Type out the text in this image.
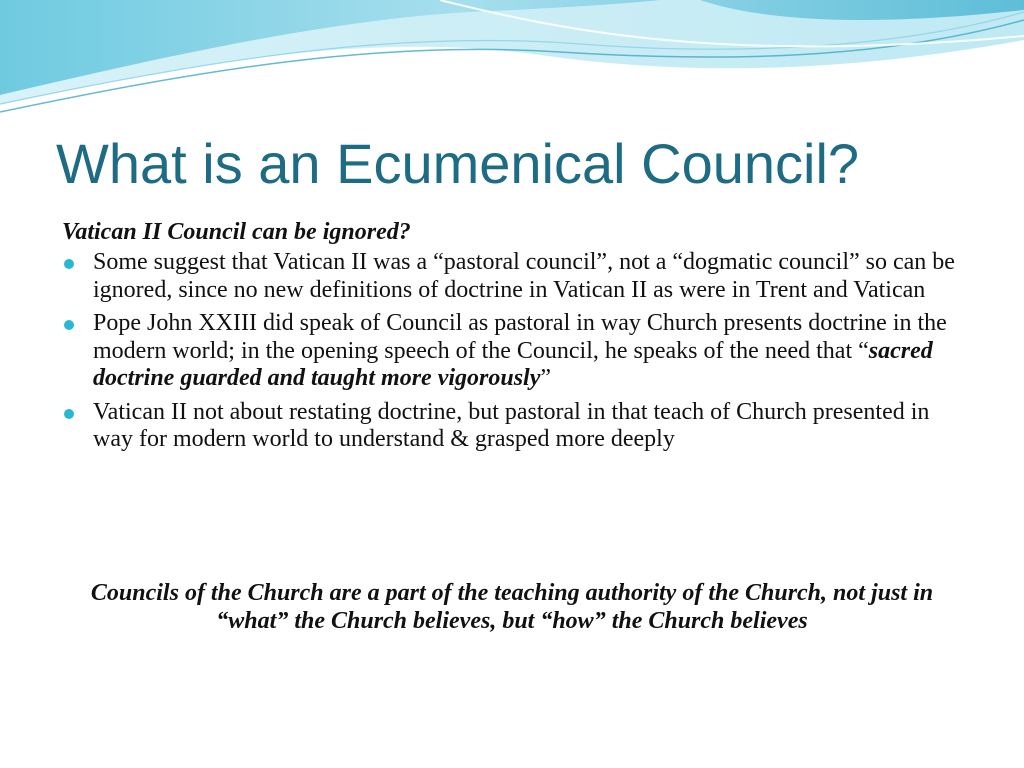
What is an Ecumenical Council?
Vatican II Council can be ignored?
Some suggest that Vatican II was a “pastoral council”, not a “dogmatic council” so can be ignored, since no new definitions of doctrine in Vatican II as were in Trent and Vatican
Pope John XXIII did speak of Council as pastoral in way Church presents doctrine in the modern world; in the opening speech of the Council, he speaks of the need that “sacred doctrine guarded and taught more vigorously”
Vatican II not about restating doctrine, but pastoral in that teach of Church presented in way for modern world to understand & grasped more deeply
Councils of the Church are a part of the teaching authority of the Church, not just in “what” the Church believes, but “how” the Church believes
